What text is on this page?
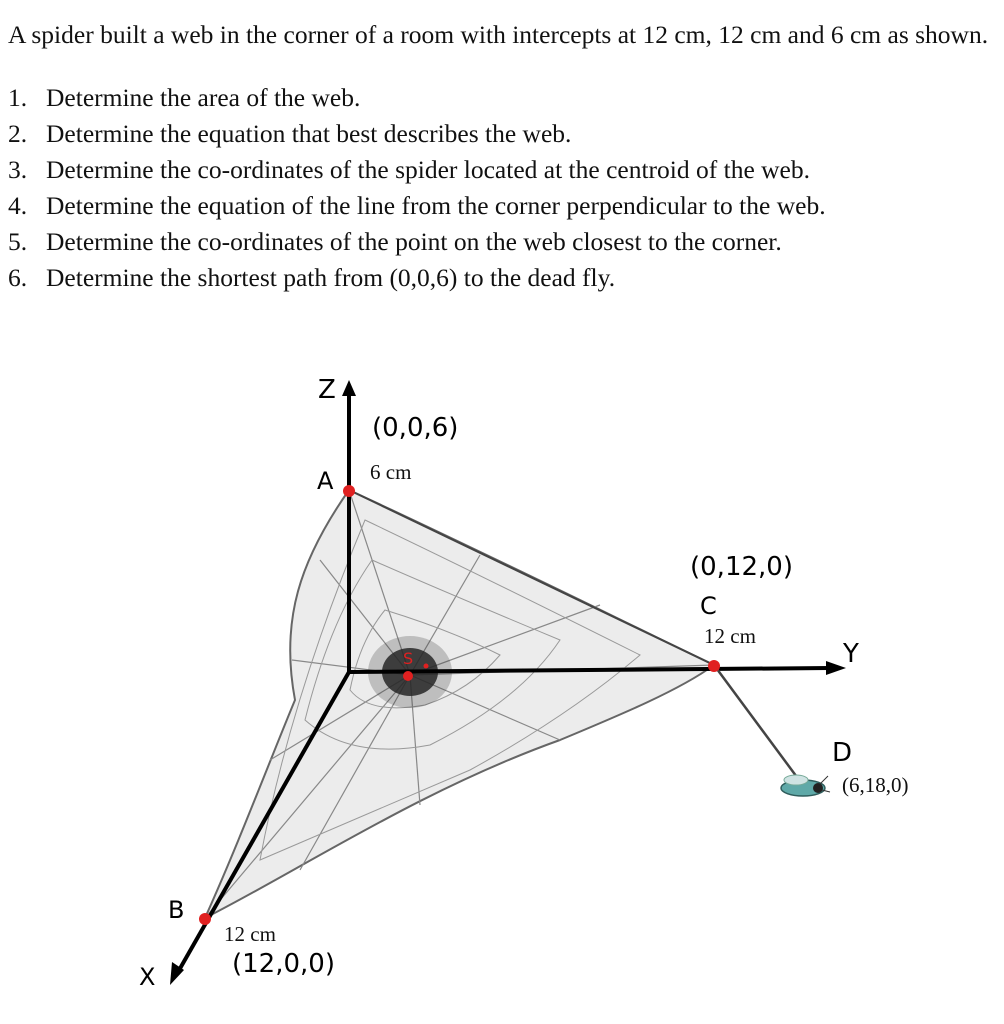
A spider built a web in the corner of a room with intercepts at 12 cm, 12 cm and 6 cm as shown.

1. Determine the area of the web.
2. Determine the equation that best describes the web.
3. Determine the co-ordinates of the spider located at the centroid of the web.
4. Determine the equation of the line from the corner perpendicular to the web.
5. Determine the co-ordinates of the point on the web closest to the corner.
6. Determine the shortest path from (0,0,6) to the dead fly.
S
Z
Y
X
A
(0,0,6)
6 cm
(0,12,0)
C
12 cm
D
(6,18,0)
B
12 cm
(12,0,0)
